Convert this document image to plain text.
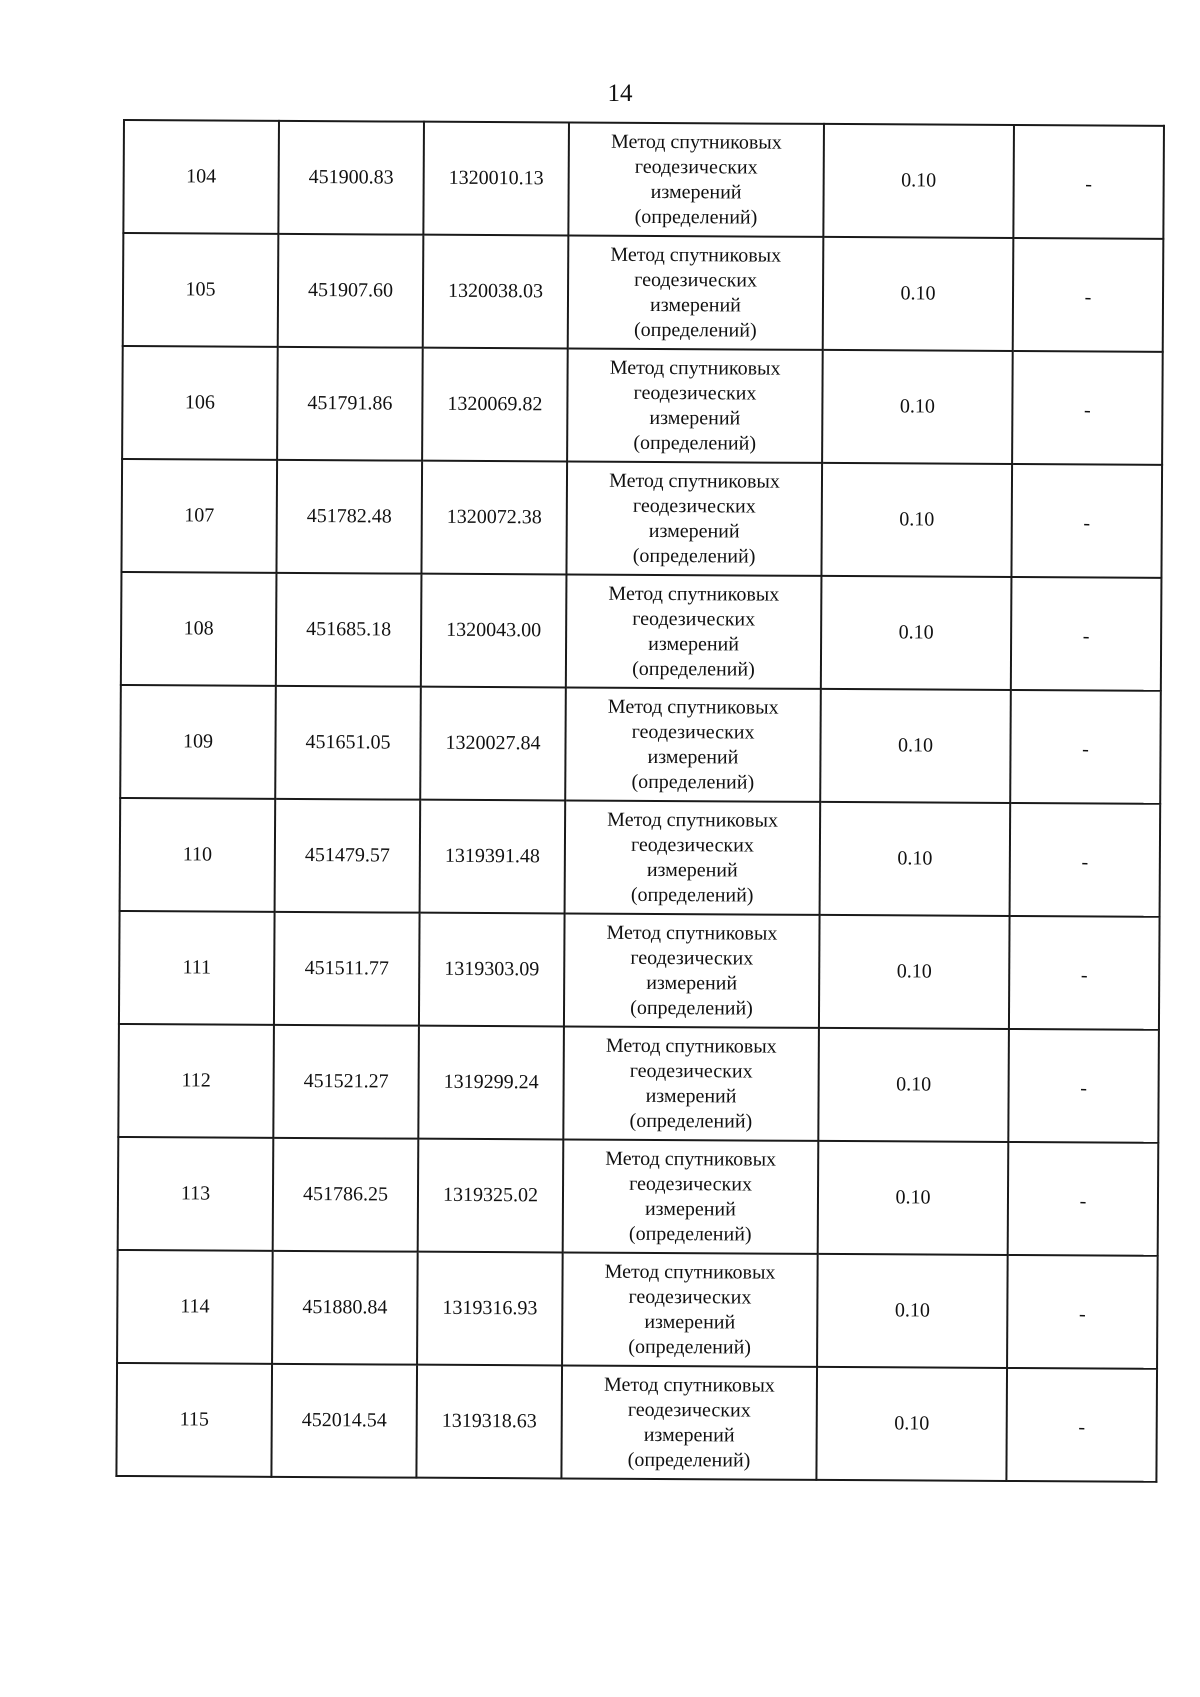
14
104	451900.83	1320010.13	Метод спутниковых
геодезических
измерений
(определений)	0.10	-
105	451907.60	1320038.03	Метод спутниковых
геодезических
измерений
(определений)	0.10	-
106	451791.86	1320069.82	Метод спутниковых
геодезических
измерений
(определений)	0.10	-
107	451782.48	1320072.38	Метод спутниковых
геодезических
измерений
(определений)	0.10	-
108	451685.18	1320043.00	Метод спутниковых
геодезических
измерений
(определений)	0.10	-
109	451651.05	1320027.84	Метод спутниковых
геодезических
измерений
(определений)	0.10	-
110	451479.57	1319391.48	Метод спутниковых
геодезических
измерений
(определений)	0.10	-
111	451511.77	1319303.09	Метод спутниковых
геодезических
измерений
(определений)	0.10	-
112	451521.27	1319299.24	Метод спутниковых
геодезических
измерений
(определений)	0.10	-
113	451786.25	1319325.02	Метод спутниковых
геодезических
измерений
(определений)	0.10	-
114	451880.84	1319316.93	Метод спутниковых
геодезических
измерений
(определений)	0.10	-
115	452014.54	1319318.63	Метод спутниковых
геодезических
измерений
(определений)	0.10	-
